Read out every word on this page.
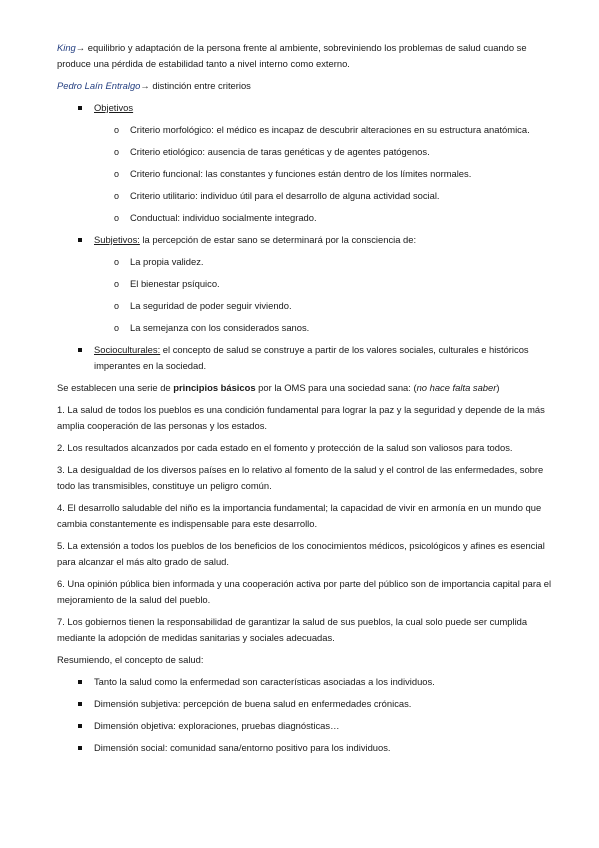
King→ equilibrio y adaptación de la persona frente al ambiente, sobreviniendo los problemas de salud cuando se produce una pérdida de estabilidad tanto a nivel interno como externo.

Pedro Laín Entralgo→ distinción entre criterios

Objetivos
o Criterio morfológico: el médico es incapaz de descubrir alteraciones en su estructura anatómica.
o Criterio etiológico: ausencia de taras genéticas y de agentes patógenos.
o Criterio funcional: las constantes y funciones están dentro de los límites normales.
o Criterio utilitario: individuo útil para el desarrollo de alguna actividad social.
o Conductual: individuo socialmente integrado.
Subjetivos: la percepción de estar sano se determinará por la consciencia de:
o La propia validez.
o El bienestar psíquico.
o La seguridad de poder seguir viviendo.
o La semejanza con los considerados sanos.
Socioculturales: el concepto de salud se construye a partir de los valores sociales, culturales e históricos imperantes en la sociedad.

Se establecen una serie de principios básicos por la OMS para una sociedad sana: (no hace falta saber)

1. La salud de todos los pueblos es una condición fundamental para lograr la paz y la seguridad y depende de la más amplia cooperación de las personas y los estados.

2. Los resultados alcanzados por cada estado en el fomento y protección de la salud son valiosos para todos.

3. La desigualdad de los diversos países en lo relativo al fomento de la salud y el control de las enfermedades, sobre todo las transmisibles, constituye un peligro común.

4. El desarrollo saludable del niño es la importancia fundamental; la capacidad de vivir en armonía en un mundo que cambia constantemente es indispensable para este desarrollo.

5. La extensión a todos los pueblos de los beneficios de los conocimientos médicos, psicológicos y afines es esencial para alcanzar el más alto grado de salud.

6. Una opinión pública bien informada y una cooperación activa por parte del público son de importancia capital para el mejoramiento de la salud del pueblo.

7. Los gobiernos tienen la responsabilidad de garantizar la salud de sus pueblos, la cual solo puede ser cumplida mediante la adopción de medidas sanitarias y sociales adecuadas.

Resumiendo, el concepto de salud:

Tanto la salud como la enfermedad son características asociadas a los individuos.
Dimensión subjetiva: percepción de buena salud en enfermedades crónicas.
Dimensión objetiva: exploraciones, pruebas diagnósticas…
Dimensión social: comunidad sana/entorno positivo para los individuos.
